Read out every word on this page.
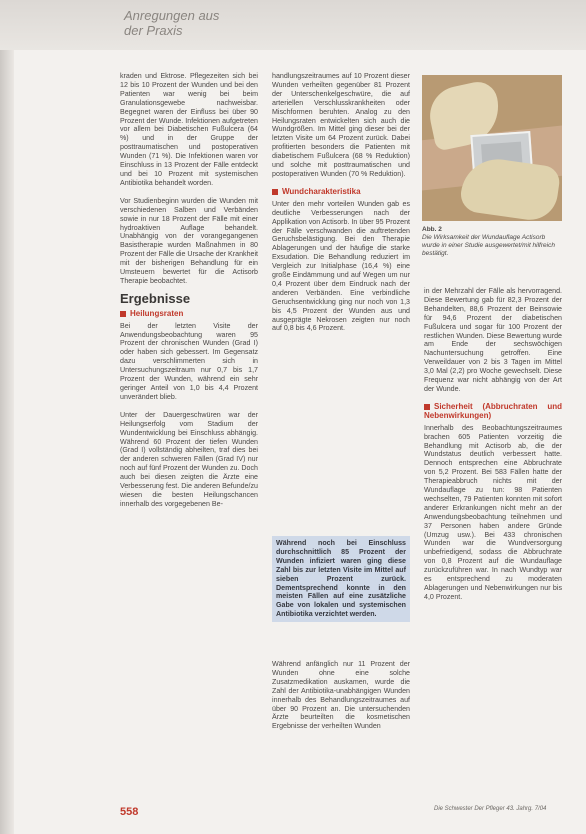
Anregungen aus
der Praxis

kraden und Ektrose. Pflegezeiten sich bei 12 bis 10 Prozent der Wunden und bei den Patienten war wenig bei beim Granulationsgewebe nachweisbar. Begegnet waren der Einfluss bei über 90 Prozent der Wunde. Infektionen aufgetreten vor allem bei Diabetischen Fußulcera (64 %) und in der Gruppe der posttraumatischen und postoperativen Wunden (71 %). Die Infektionen waren vor Einschluss in 13 Prozent der Fälle entdeckt und bei 10 Prozent mit systemischen Antibiotika behandelt worden.

Vor Studienbeginn wurden die Wunden mit verschiedenen Salben und Verbänden sowie in nur 18 Prozent der Fälle mit einer hydroaktiven Auflage behandelt. Unabhängig von der vorangegangenen Basistherapie wurden Maßnahmen in 80 Prozent der Fälle die Ursache der Krankheit mit der bisherigen Behandlung für ein Umsteuern bewertet für die Actisorb Therapie beobachtet.

Ergebnisse
Heilungsraten

Bei der letzten Visite der Anwendungsbeobachtung waren 95 Prozent der chronischen Wunden (Grad I) oder haben sich gebessert. Im Gegensatz dazu verschlimmerten sich in Untersuchungszeitraum nur 0,7 bis 1,7 Prozent der Wunden, während ein sehr geringer Anteil von 1,0 bis 4,4 Prozent unverändert blieb.

Unter der Dauergeschwüren war der Heilungserfolg vom Stadium der Wundentwicklung bei Einschluss abhängig. Während 60 Prozent der tiefen Wunden (Grad I) vollständig abheilten, traf dies bei der anderen schweren Fällen (Grad IV) nur noch auf fünf Prozent der Wunden zu. Doch auch bei diesen zeigten die Ärzte eine Verbesserung fest. Die anderen Befunde/zu wiesen die besten Heilungschancen innerhalb des vorgegebenen Be-

handlungszeitraumes auf 10 Prozent dieser Wunden verheilten gegenüber 81 Prozent der Unterschenkelgeschwüre, die auf arteriellen Verschlusskrankheiten oder Mischformen beruhten. Analog zu den Heilungsraten entwickelten sich auch die Wundgrößen. Im Mittel ging dieser bei der letzten Visite um 64 Prozent zurück. Dabei profitierten besonders die Patienten mit diabetischem Fußulcera (68 % Reduktion) und solche mit posttraumatischen und postoperativen Wunden (70 % Reduktion).

Wundcharakteristika

Unter den mehr vorteilen Wunden gab es deutliche Verbesserungen nach der Applikation von Actisorb. In über 95 Prozent der Fälle verschwanden die auftretenden Geruchsbelästigung. Bei den Therapie Ablagerungen und der häufige die starke Exsudation. Die Behandlung reduziert im Vergleich zur Initialphase (16,4 %) eine große Eindämmung und auf Wegen um nur 0,4 Prozent über dem Eindruck nach der anderen Verbänden. Eine verbindliche Geruchsentwicklung ging nur noch von 1,3 bis 4,5 Prozent der Wunden aus und ausgeprägte Nekrosen zeigten nur noch auf 0,8 bis 4,6 Prozent.

Während noch bei Einschluss durchschnittlich 85 Prozent der Wunden infiziert waren ging diese Zahl bis zur letzten Visite im Mittel auf sieben Prozent zurück. Dementsprechend konnte in den meisten Fällen auf eine zusätzliche Gabe von lokalen und systemischen Antibiotika verzichtet werden.
Während anfänglich nur 11 Prozent der Wunden ohne eine solche Zusatzmedikation auskamen, wurde die Zahl der Antibiotika-unabhängigen Wunden innerhalb des Behandlungszeitraumes auf über 90 Prozent an. Die untersuchenden Ärzte beurteilten die kosmetischen Ergebnisse der verheilten Wunden
Abb. 2
Die Wirksamkeit der Wundauflage Actisorb wurde in einer Studie ausgewertet/mit hilfreich bestätigt.

in der Mehrzahl der Fälle als hervorragend. Diese Bewertung gab für 82,3 Prozent der Behandelten, 88,6 Prozent der Beinsowie für 94,6 Prozent der diabetischen Fußulcera und sogar für 100 Prozent der restlichen Wunden. Diese Bewertung wurde am Ende der sechswöchigen Nachuntersuchung getroffen. Eine Verweildauer von 2 bis 3 Tagen im Mittel 3,0 Mal (2,2) pro Woche gewechselt. Diese Frequenz war nicht abhängig von der Art der Wunde.

Sicherheit (Abbruchraten und Nebenwirkungen)

Innerhalb des Beobachtungszeitraumes brachen 605 Patienten vorzeitig die Behandlung mit Actisorb ab, die der Wundstatus deutlich verbessert hatte. Dennoch entsprechen eine Abbruchrate von 5,2 Prozent. Bei 583 Fällen hatte der Therapieabbruch nichts mit der Wundauflage zu tun: 98 Patienten wechselten, 79 Patienten konnten mit sofort anderer Erkrankungen nicht mehr an der Anwendungsbeobachtung teilnehmen und 37 Personen haben andere Gründe (Umzug usw.). Bei 433 chronischen Wunden war die Wundversorgung unbefriedigend, sodass die Abbruchrate von 0,8 Prozent auf die Wundauflage zurückzuführen war. In nach Wundtyp war es entsprechend zu moderaten Ablagerungen und Nebenwirkungen nur bis 4,0 Prozent.

558	Die Schwester Der Pfleger 43. Jahrg. 7/04
